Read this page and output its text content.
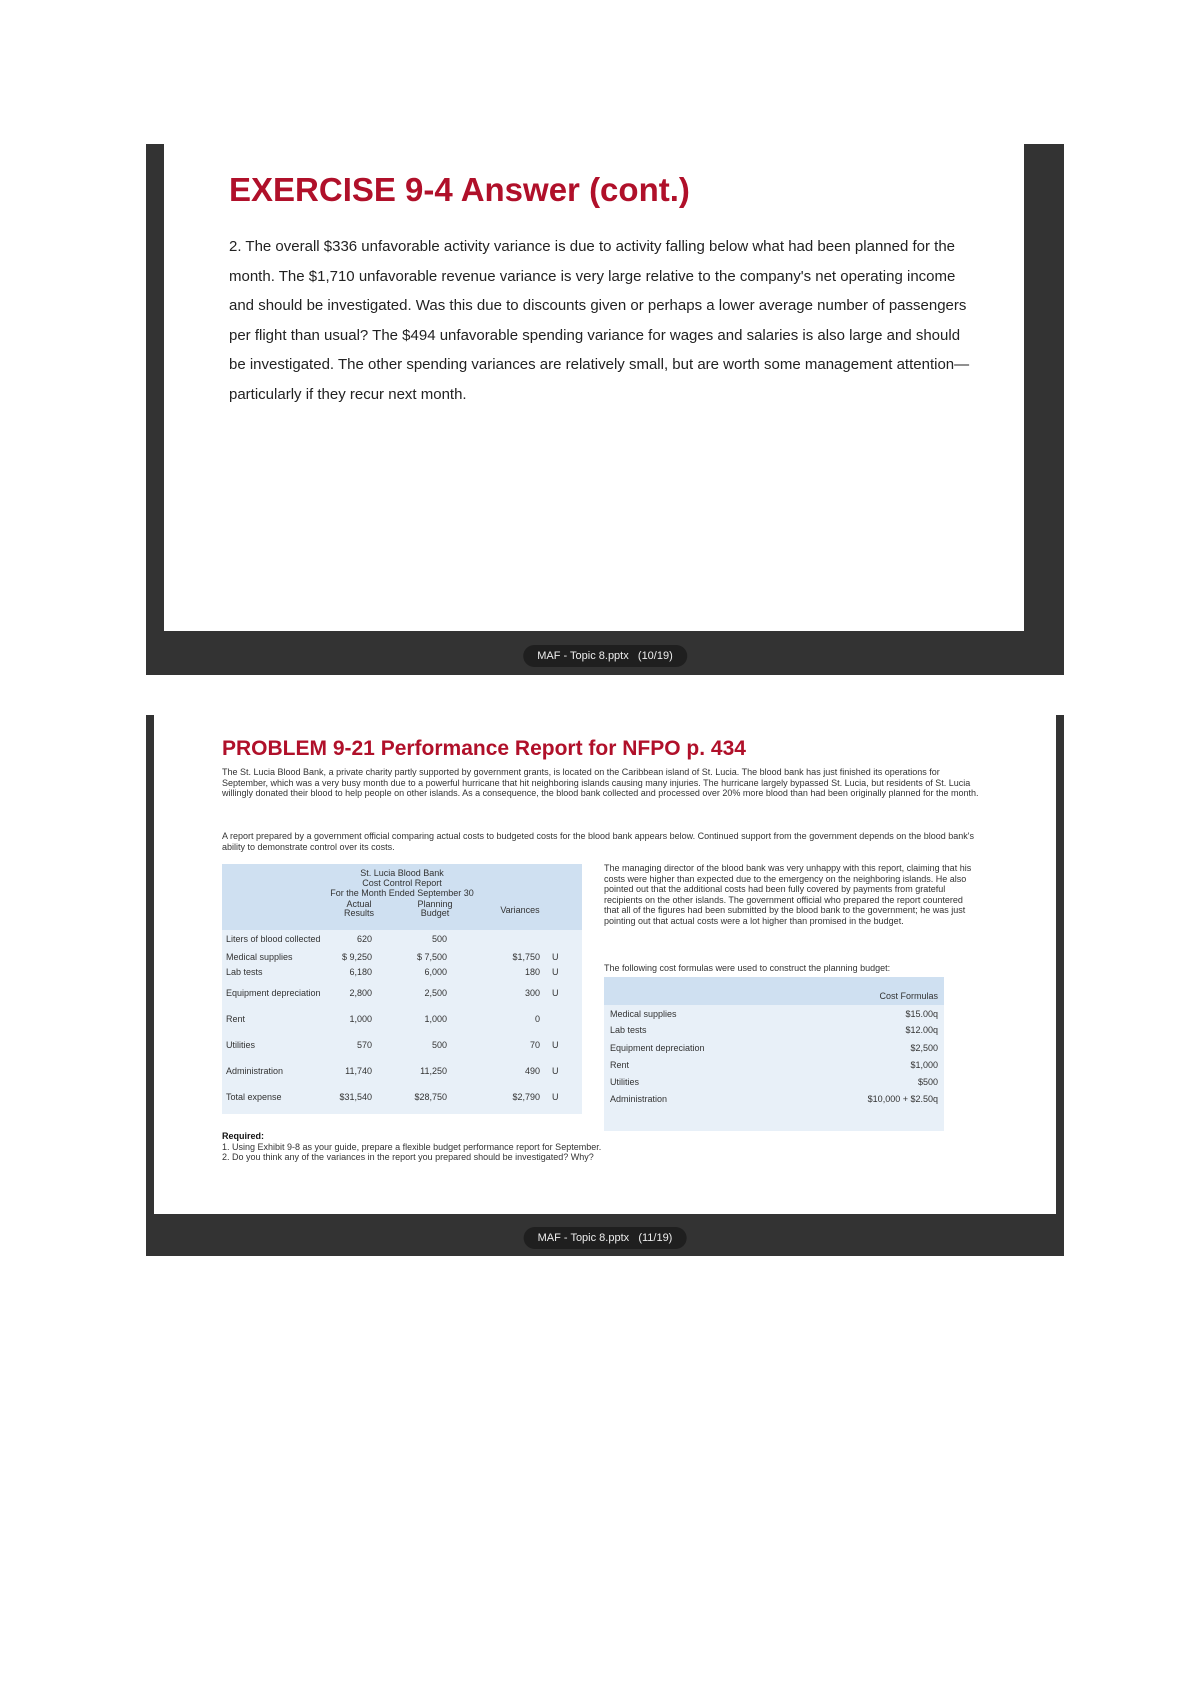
EXERCISE 9-4 Answer (cont.)
2. The overall $336 unfavorable activity variance is due to activity falling below what had been planned for the month. The $1,710 unfavorable revenue variance is very large relative to the company's net operating income and should be investigated. Was this due to discounts given or perhaps a lower average number of passengers per flight than usual? The $494 unfavorable spending variance for wages and salaries is also large and should be investigated. The other spending variances are relatively small, but are worth some management attention—particularly if they recur next month.
MAF - Topic 8.pptx   (10/19)
PROBLEM 9-21 Performance Report for NFPO p. 434
The St. Lucia Blood Bank, a private charity partly supported by government grants, is located on the Caribbean island of St. Lucia. The blood bank has just finished its operations for September, which was a very busy month due to a powerful hurricane that hit neighboring islands causing many injuries. The hurricane largely bypassed St. Lucia, but residents of St. Lucia willingly donated their blood to help people on other islands. As a consequence, the blood bank collected and processed over 20% more blood than had been originally planned for the month.
A report prepared by a government official comparing actual costs to budgeted costs for the blood bank appears below. Continued support from the government depends on the blood bank's ability to demonstrate control over its costs.
St. Lucia Blood Bank
Cost Control Report
For the Month Ended September 30
Actual Results
Planning Budget	Variances
Liters of blood collected	620	500
Medical supplies	$ 9,250	$ 7,500	$1,750 U
Lab tests	6,180	6,000	180 U
Equipment depreciation	2,800	2,500	300 U
Rent	1,000	1,000	0
Utilities	570	500	70 U
Administration	11,740	11,250	490 U
Total expense	$31,540	$28,750	$2,790 U
The managing director of the blood bank was very unhappy with this report, claiming that his costs were higher than expected due to the emergency on the neighboring islands. He also pointed out that the additional costs had been fully covered by payments from grateful recipients on the other islands. The government official who prepared the report countered that all of the figures had been submitted by the blood bank to the government; he was just pointing out that actual costs were a lot higher than promised in the budget.
The following cost formulas were used to construct the planning budget:
Cost Formulas
Medical supplies	$15.00q
Lab tests	$12.00q
Equipment depreciation	$2,500
Rent	$1,000
Utilities	$500
Administration	$10,000 + $2.50q
Required:
1. Using Exhibit 9-8 as your guide, prepare a flexible budget performance report for September.
2. Do you think any of the variances in the report you prepared should be investigated? Why?
MAF - Topic 8.pptx   (11/19)
